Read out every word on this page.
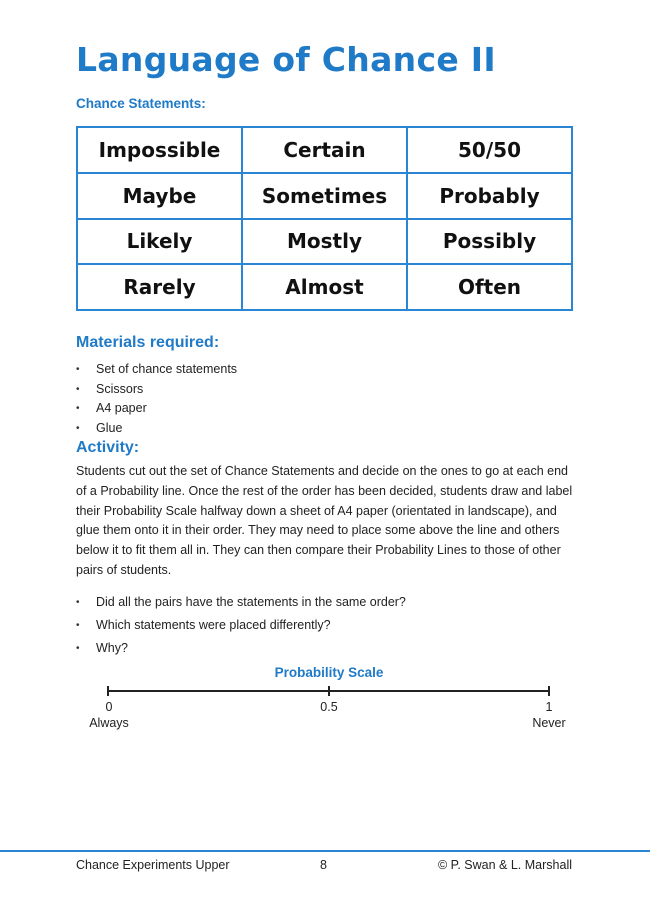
Language of Chance II

Chance Statements:

Impossible	Certain	50/50
Maybe	Sometimes	Probably
Likely	Mostly	Possibly
Rarely	Almost	Often

Materials required:

• Set of chance statements
• Scissors
• A4 paper
• Glue

Activity:

Students cut out the set of Chance Statements and decide on the ones to go at each end of a Probability line. Once the rest of the order has been decided, students draw and label their Probability Scale halfway down a sheet of A4 paper (orientated in landscape), and glue them onto it in their order. They may need to place some above the line and others below it to fit them all in. They can then compare their Probability Lines to those of other pairs of students.

• Did all the pairs have the statements in the same order?
• Which statements were placed differently?
• Why?

Probability Scale

0
Always
0.5	1
Never
Chance Experiments Upper	8	© P. Swan & L. Marshall
